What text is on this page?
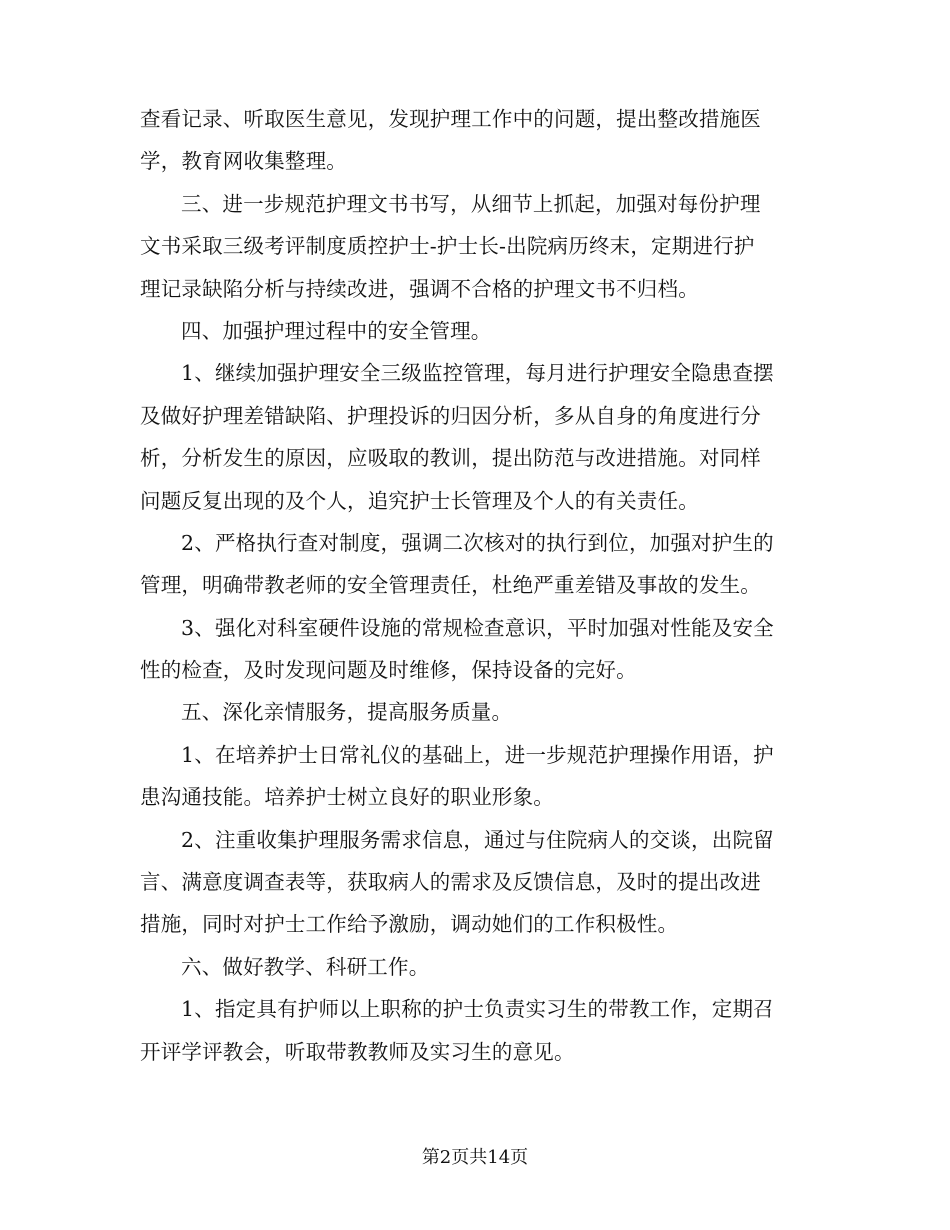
查看记录、听取医生意见，发现护理工作中的问题，提出整改措施医
学，教育网收集整理。
三、进一步规范护理文书书写，从细节上抓起，加强对每份护理
文书采取三级考评制度质控护士-护士长-出院病历终末，定期进行护
理记录缺陷分析与持续改进，强调不合格的护理文书不归档。
四、加强护理过程中的安全管理。
1、继续加强护理安全三级监控管理，每月进行护理安全隐患查摆
及做好护理差错缺陷、护理投诉的归因分析，多从自身的角度进行分
析，分析发生的原因，应吸取的教训，提出防范与改进措施。对同样
问题反复出现的及个人，追究护士长管理及个人的有关责任。
2、严格执行查对制度，强调二次核对的执行到位，加强对护生的
管理，明确带教老师的安全管理责任，杜绝严重差错及事故的发生。
3、强化对科室硬件设施的常规检查意识，平时加强对性能及安全
性的检查，及时发现问题及时维修，保持设备的完好。
五、深化亲情服务，提高服务质量。
1、在培养护士日常礼仪的基础上，进一步规范护理操作用语，护
患沟通技能。培养护士树立良好的职业形象。
2、注重收集护理服务需求信息，通过与住院病人的交谈，出院留
言、满意度调查表等，获取病人的需求及反馈信息，及时的提出改进
措施，同时对护士工作给予激励，调动她们的工作积极性。
六、做好教学、科研工作。
1、指定具有护师以上职称的护士负责实习生的带教工作，定期召
开评学评教会，听取带教教师及实习生的意见。
第2页共14页
